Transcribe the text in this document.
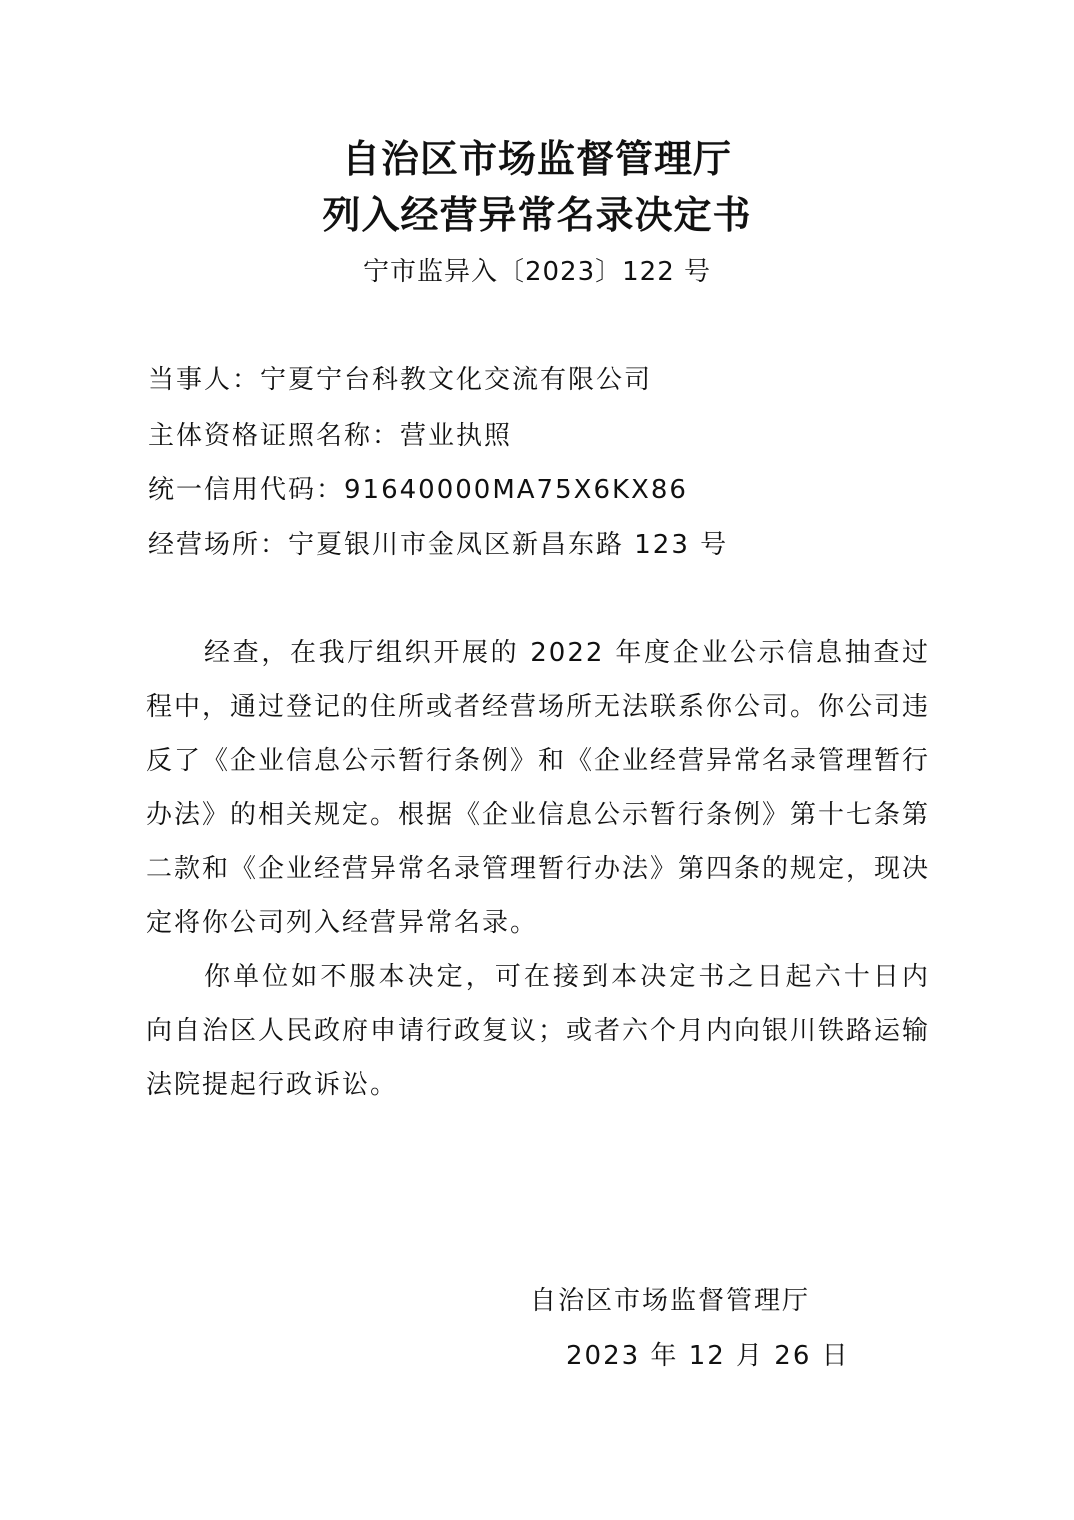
自治区市场监督管理厅
列入经营异常名录决定书
宁市监异入〔2023〕122 号
当事人：宁夏宁台科教文化交流有限公司
主体资格证照名称：营业执照
统一信用代码：91640000MA75X6KX86
经营场所：宁夏银川市金凤区新昌东路 123 号

经查，在我厅组织开展的 2022 年度企业公示信息抽查过程中，通过登记的住所或者经营场所无法联系你公司。你公司违反了《企业信息公示暂行条例》和《企业经营异常名录管理暂行办法》的相关规定。根据《企业信息公示暂行条例》第十七条第二款和《企业经营异常名录管理暂行办法》第四条的规定，现决定将你公司列入经营异常名录。

你单位如不服本决定，可在接到本决定书之日起六十日内向自治区人民政府申请行政复议；或者六个月内向银川铁路运输法院提起行政诉讼。

自治区市场监督管理厅
2023 年 12 月 26 日
